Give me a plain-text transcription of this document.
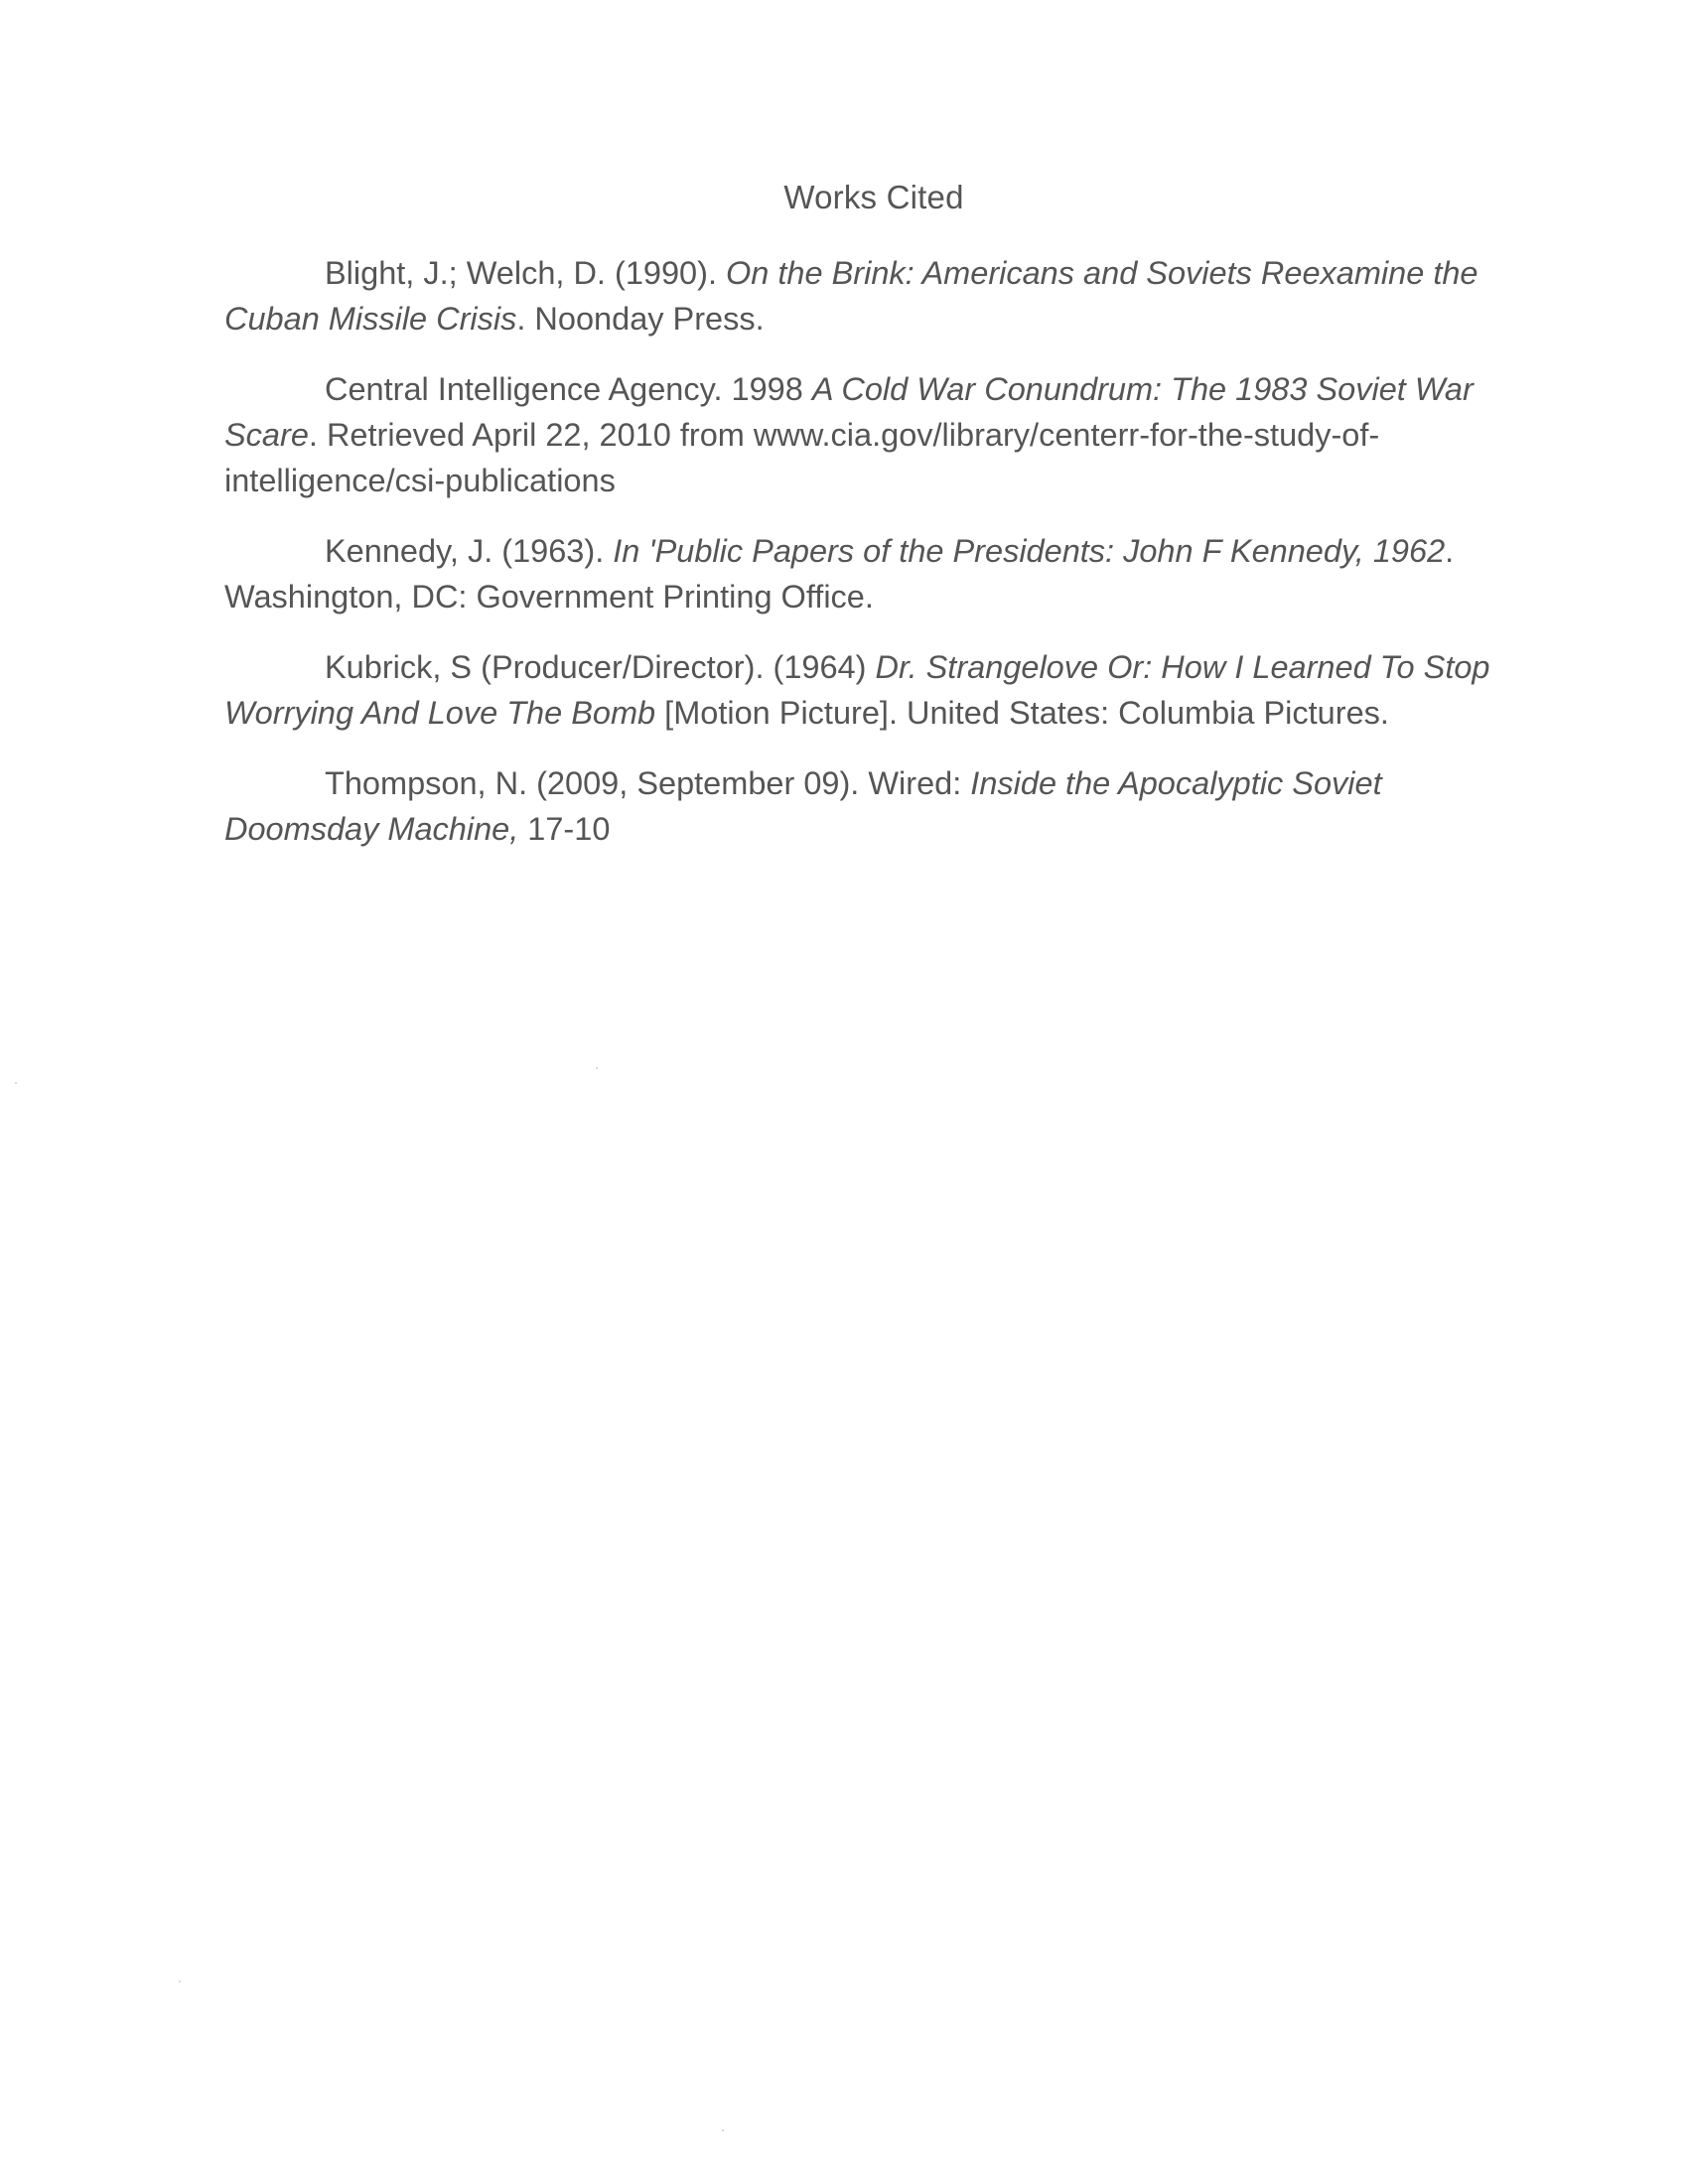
Works Cited

Blight, J.; Welch, D. (1990). On the Brink: Americans and Soviets Reexamine the Cuban Missile Crisis. Noonday Press.

Central Intelligence Agency. 1998 A Cold War Conundrum: The 1983 Soviet War Scare. Retrieved April 22, 2010 from www.cia.gov/library/centerr-for-the-study-of-intelligence/csi-publications

Kennedy, J. (1963). In 'Public Papers of the Presidents: John F Kennedy, 1962. Washington, DC: Government Printing Office.

Kubrick, S (Producer/Director). (1964) Dr. Strangelove Or: How I Learned To Stop Worrying And Love The Bomb [Motion Picture]. United States: Columbia Pictures.

Thompson, N. (2009, September 09). Wired: Inside the Apocalyptic Soviet Doomsday Machine, 17-10
